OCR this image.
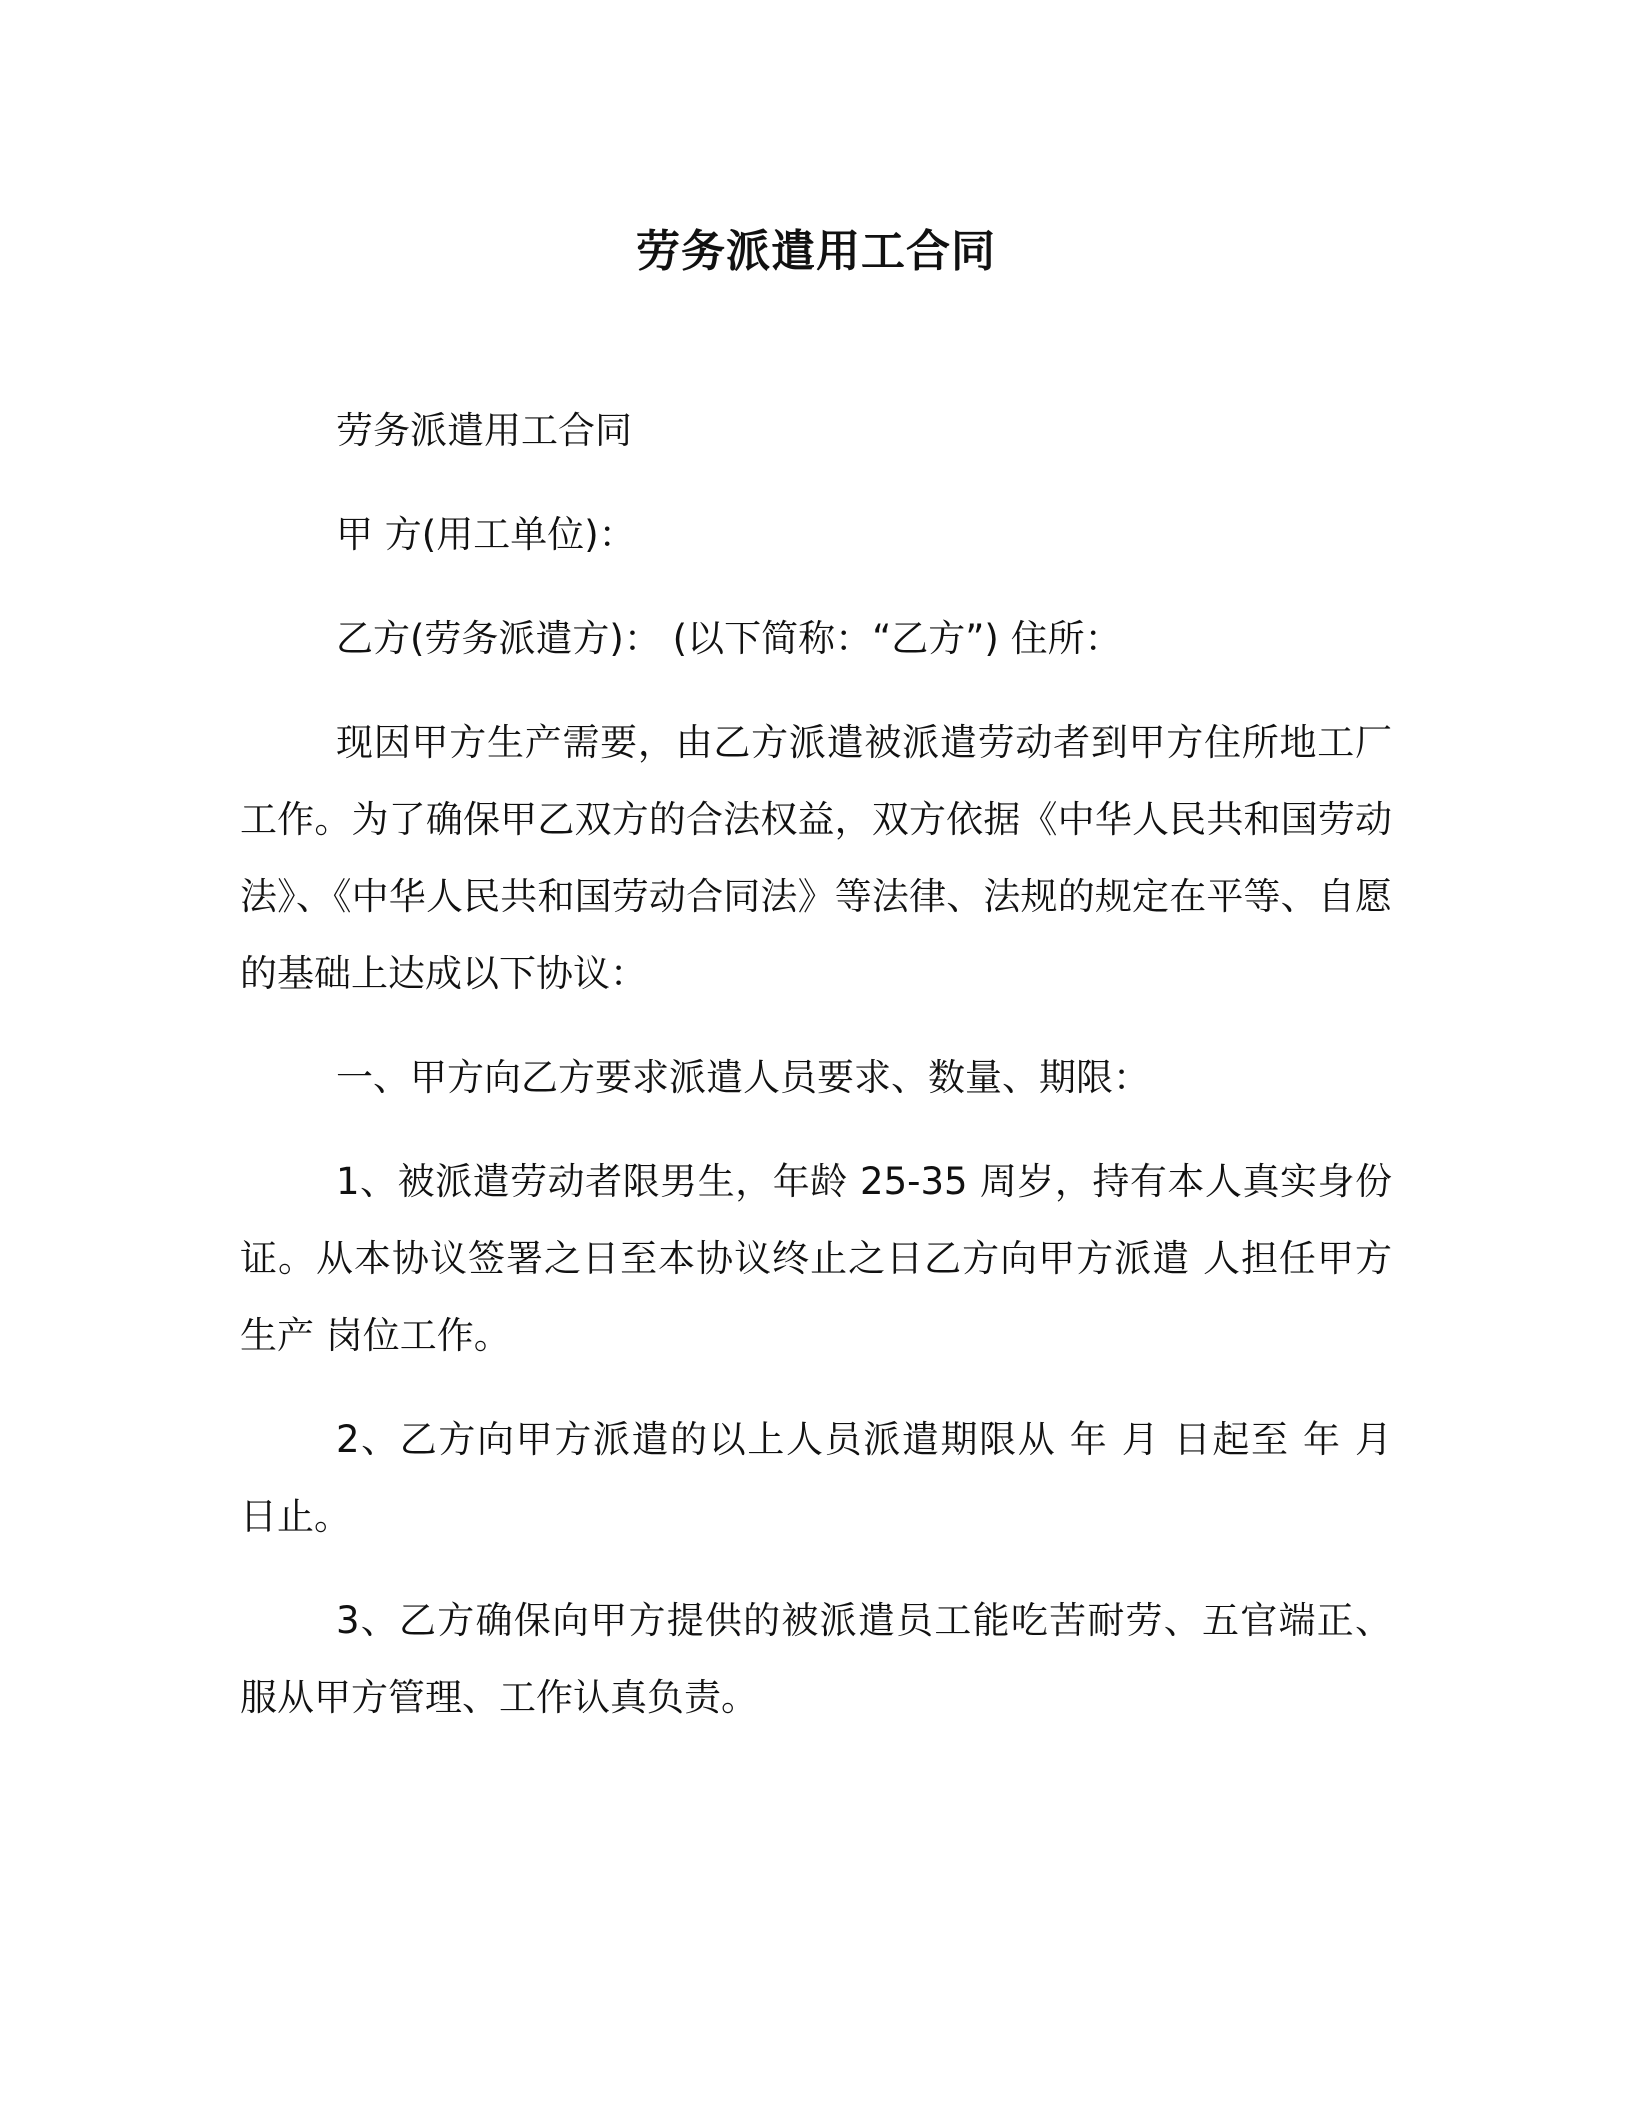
劳务派遣用工合同

劳务派遣用工合同

甲 方(用工单位)：

乙方(劳务派遣方)： (以下简称：“乙方”) 住所：

现因甲方生产需要，由乙方派遣被派遣劳动者到甲方住所地工厂工作。为了确保甲乙双方的合法权益，双方依据《中华人民共和国劳动法》、《中华人民共和国劳动合同法》等法律、法规的规定在平等、自愿的基础上达成以下协议：

一、甲方向乙方要求派遣人员要求、数量、期限：

1、被派遣劳动者限男生，年龄 25-35 周岁，持有本人真实身份证。从本协议签署之日至本协议终止之日乙方向甲方派遣 人担任甲方生产 岗位工作。

2、乙方向甲方派遣的以上人员派遣期限从 年 月 日起至 年 月 日止。

3、乙方确保向甲方提供的被派遣员工能吃苦耐劳、五官端正、服从甲方管理、工作认真负责。
